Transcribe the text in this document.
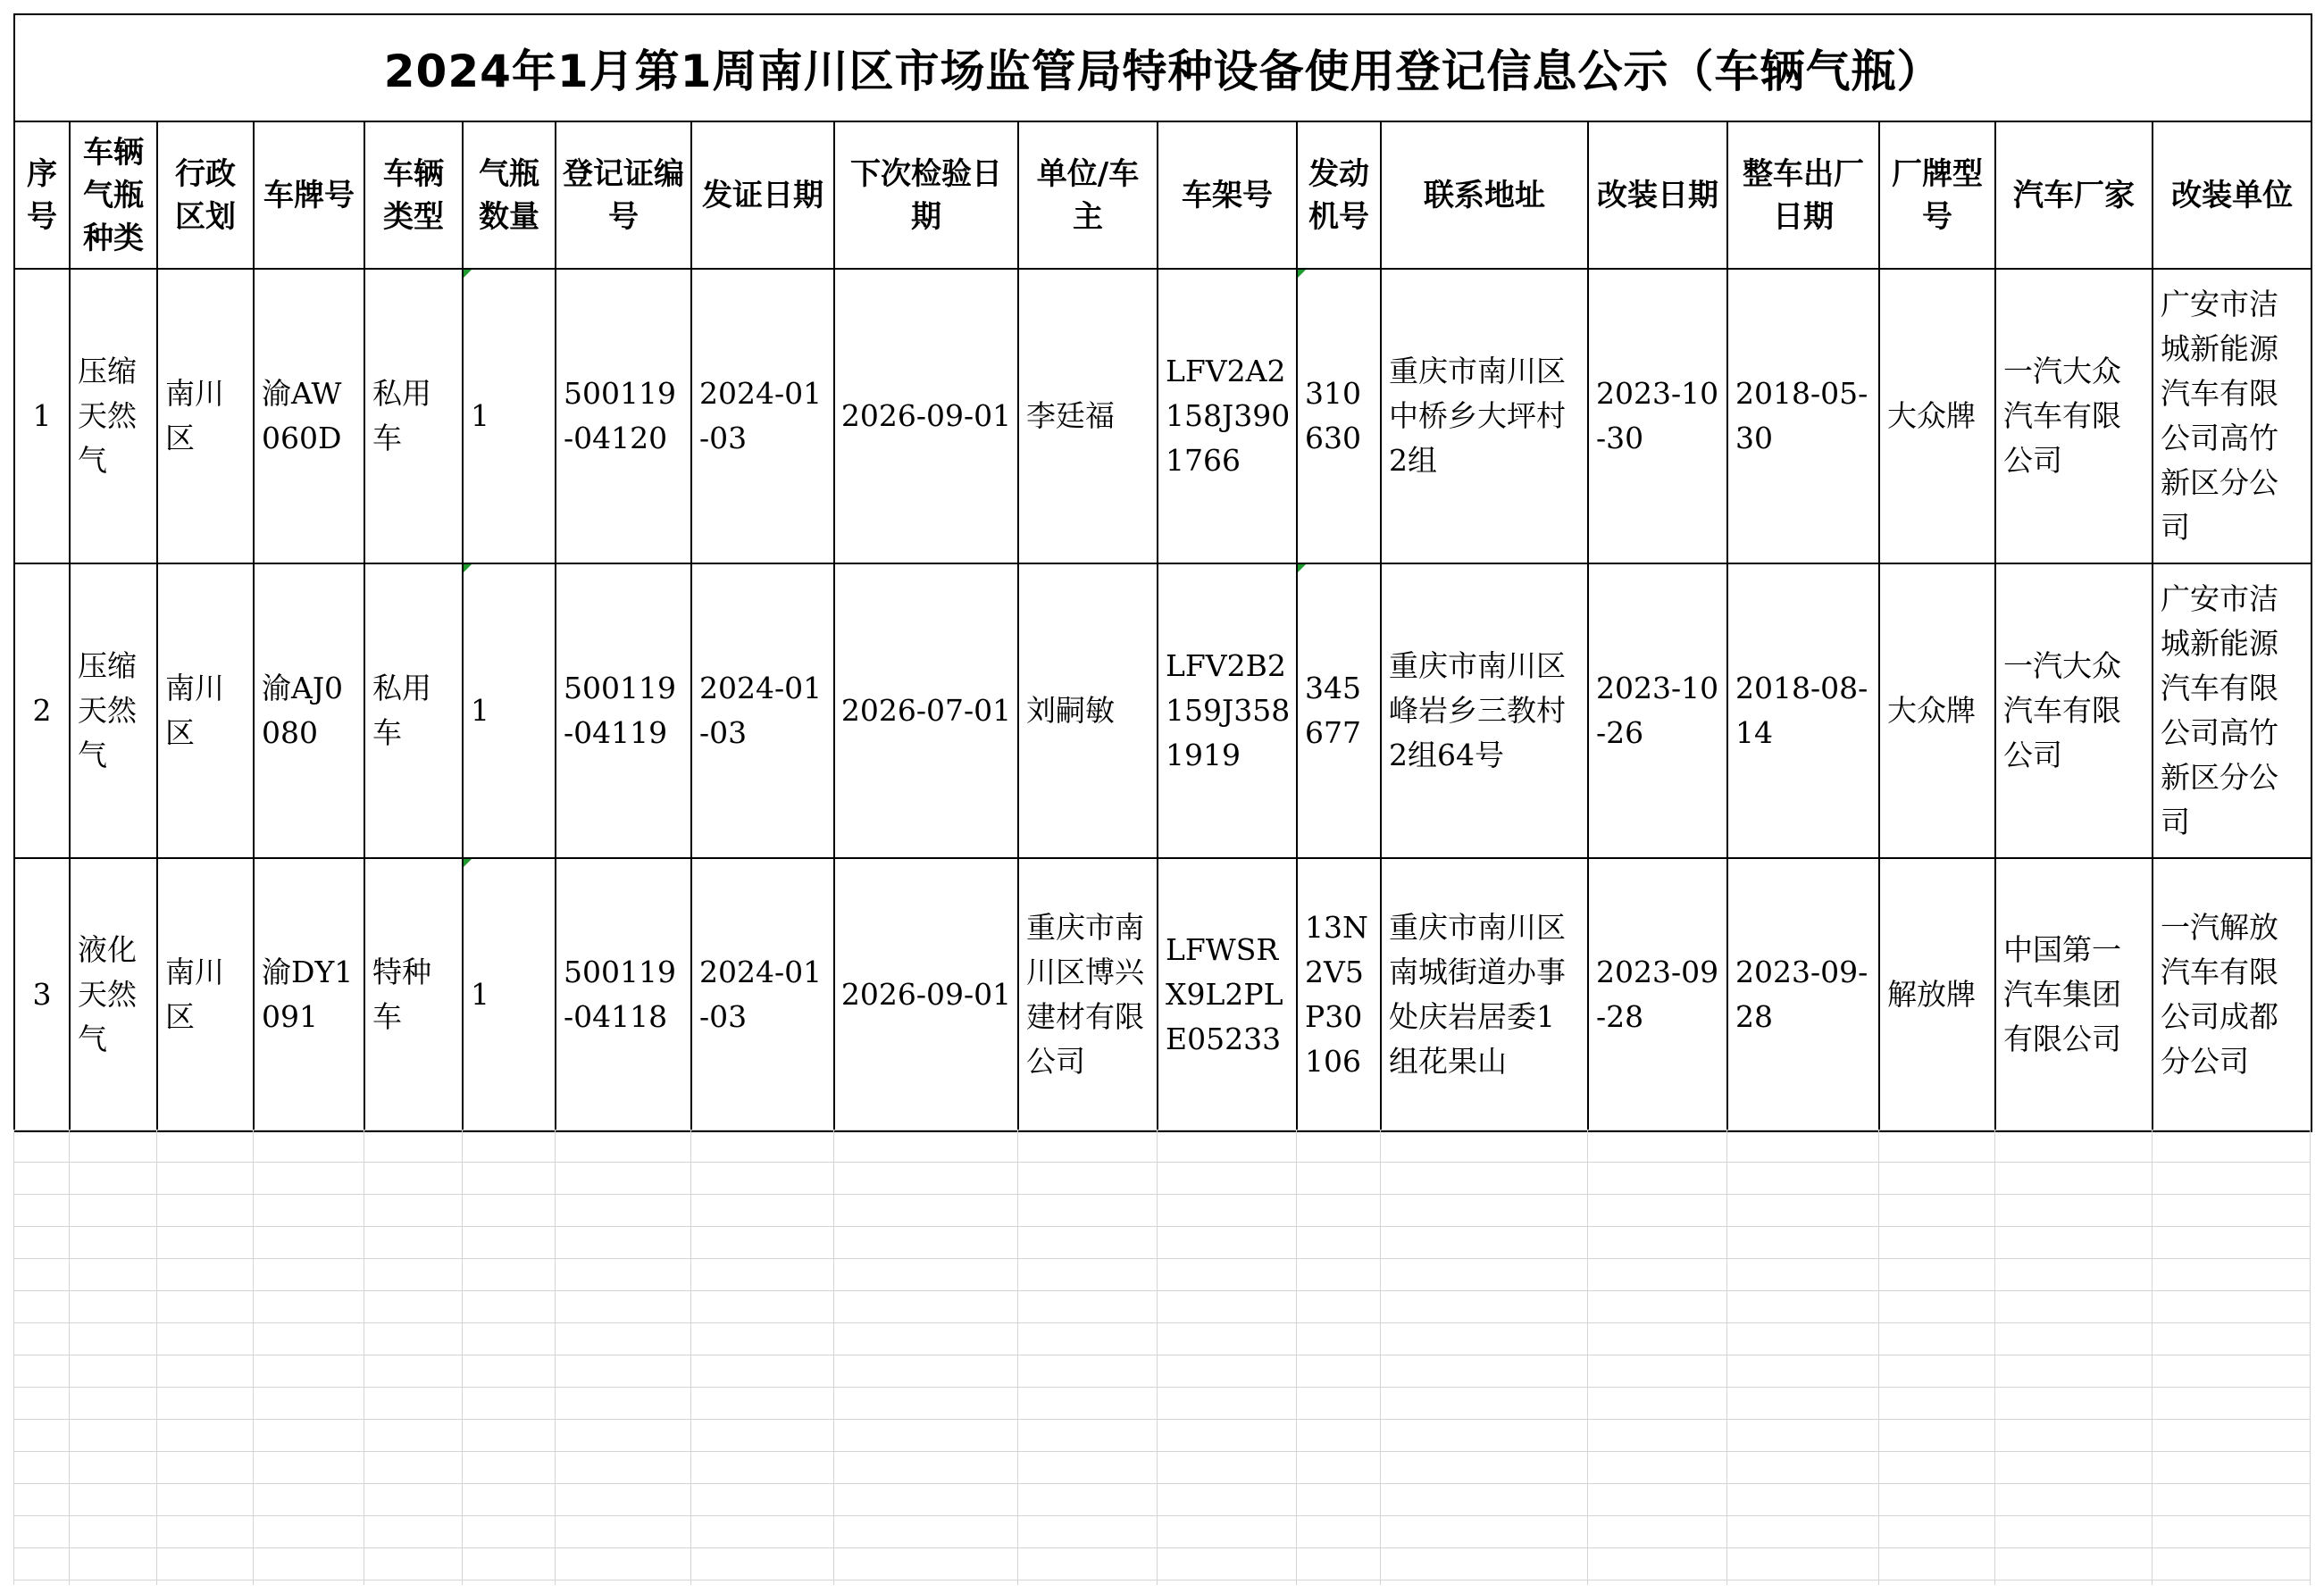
2024年1月第1周南川区市场监管局特种设备使用登记信息公示（车辆气瓶）																	
序号	车辆气瓶种类	行政区划	车牌号	车辆类型	气瓶数量	登记证编号	发证日期	下次检验日期	单位/车主	车架号	发动机号	联系地址	改装日期	整车出厂日期	厂牌型号	汽车厂家	改装单位
1	压缩天然气	南川区	渝AW060D	私用车	1	500119-04120	2024-01-03	2026-09-01	李廷福	LFV2A2158J3901766	310630	重庆市南川区中桥乡大坪村2组	2023-10-30	2018-05-30	大众牌	一汽大众汽车有限公司	广安市洁城新能源汽车有限公司高竹新区分公司
2	压缩天然气	南川区	渝AJ0080	私用车	1	500119-04119	2024-01-03	2026-07-01	刘嗣敏	LFV2B2159J3581919	345677	重庆市南川区峰岩乡三教村2组64号	2023-10-26	2018-08-14	大众牌	一汽大众汽车有限公司	广安市洁城新能源汽车有限公司高竹新区分公司
3	液化天然气	南川区	渝DY1091	特种车	1	500119-04118	2024-01-03	2026-09-01	重庆市南川区博兴建材有限公司	LFWSRX9L2PLE05233	13N2V5P30106	重庆市南川区南城街道办事处庆岩居委1组花果山	2023-09-28	2023-09-28	解放牌	中国第一汽车集团有限公司	一汽解放汽车有限公司成都分公司
